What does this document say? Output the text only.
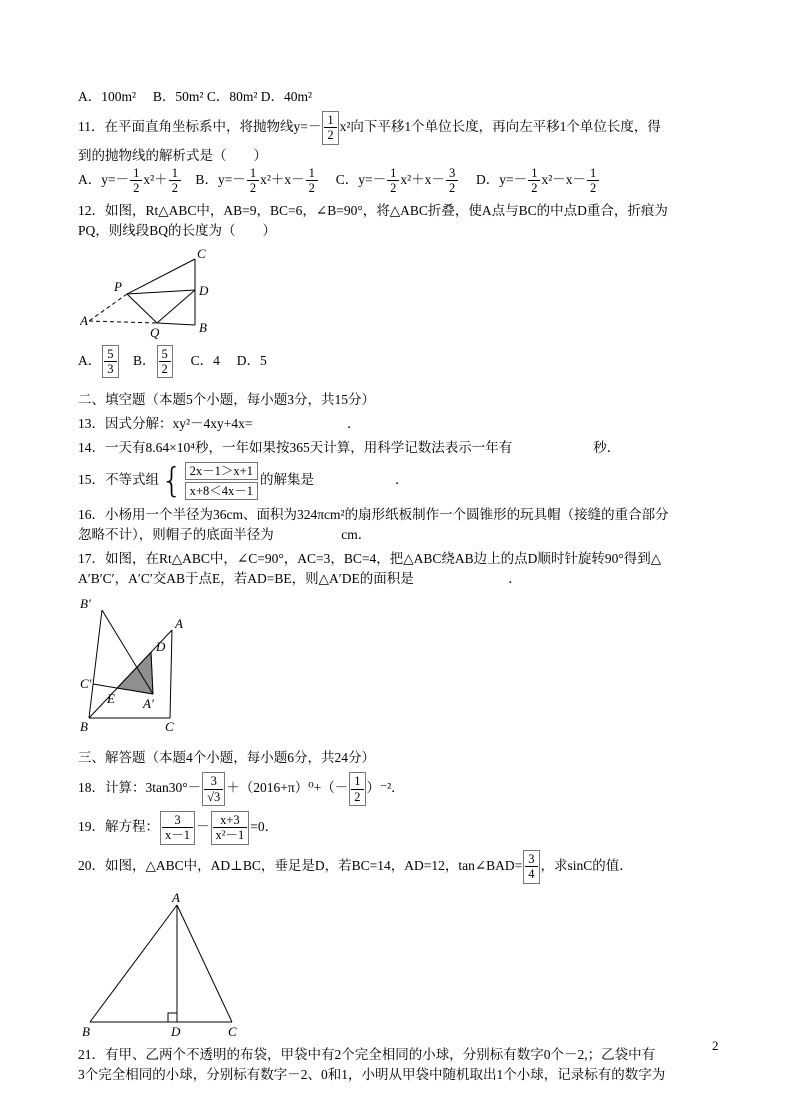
A．100m²　 B．50m² C．80m² D．40m²
11．在平面直角坐标系中，将抛物线$y=- \frac{1}{2} x^2$向下平移1个单位长度，再向左平移1个单位长度，得
到的抛物线的解析式是（　　）
A．$y=- \frac{1}{2} x^2+ \frac{1}{2}$ 　B．$y=- \frac{1}{2} x^2+x- \frac{1}{2}$ 　 C．$y=- \frac{1}{2} x^2+x- \frac{3}{2}$ 　 D．$y=- \frac{1}{2} x^2-x- \frac{1}{2}$
12．如图，Rt△ABC中，AB=9，BC=6，∠B=90°，将△ABC折叠，使A点与BC的中点D重合，折痕为
PQ，则线段BQ的长度为（　　）
C
D
P
A
Q	B
A． $\frac{5}{3}$ 　B． $\frac{5}{2}$ 　 C．4　 D．5
二、填空题（本题5个小题，每小题3分，共15分）
13．因式分解：xy²－4xy+4x=　　　　　　　．
14．一天有8.64×10⁴秒，一年如果按365天计算，用科学记数法表示一年有　　　　　　秒．
15．不等式组 { 2x－1＞x+1
x+8＜4x－1
的解集是　　　　　　．
16．小杨用一个半径为36cm、面积为324πcm²的扇形纸板制作一个圆锥形的玩具帽（接缝的重合部分
忽略不计），则帽子的底面半径为　　　　　cm．
17．如图，在Rt△ABC中，∠C=90°，AC=3，BC=4，把△ABC绕AB边上的点D顺时针旋转90°得到△
A′B′C′，A′C′交AB于点E，若AD=BE，则△A′DE的面积是　　　　　　　．
B′
A
D
C′
E A′
B	C
三、解答题（本题4个小题，每小题6分，共24分）
18．计算：$3\tan 30^\circ- \frac{3}{√3} +(2016+\pi)^0+(- \frac{1}{2} )^{-2}$．
19．解方程： $\frac{3}{x-1} - \frac{x+3}{\text{x²－1}} =0$．
20．如图，△ABC中，AD⊥BC，垂足是D，若BC=14，AD=12，tan∠BAD= $\frac{3}{4}$ ，求sinC的值．
A
B	D	C
21．有甲、乙两个不透明的布袋，甲袋中有2个完全相同的小球，分别标有数字0个－2,；乙袋中有
3个完全相同的小球，分别标有数字－2、0和1，小明从甲袋中随机取出1个小球，记录标有的数字为
2
